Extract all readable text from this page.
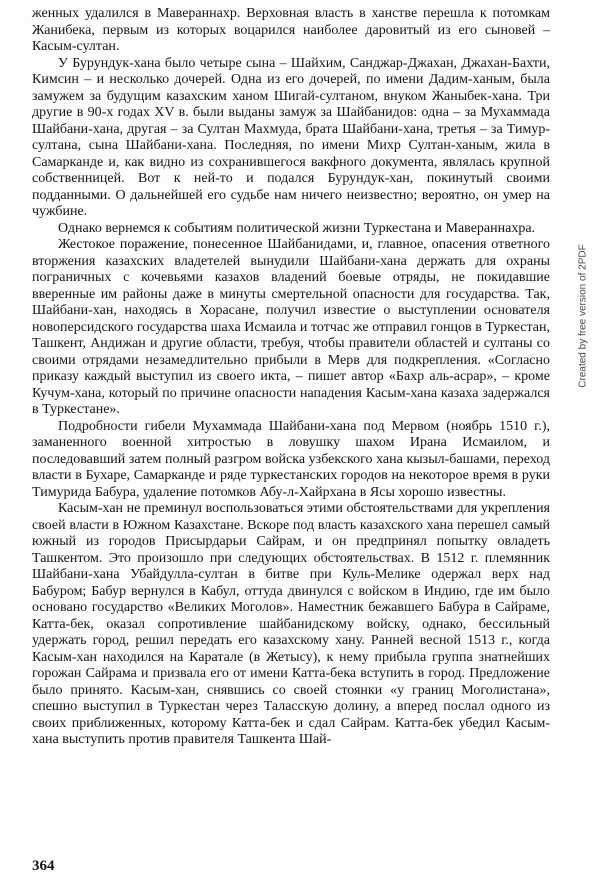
женных удалился в Мавераннахр. Верховная власть в ханстве перешла к потомкам Жанибека, первым из которых воцарился наиболее даровитый из его сыновей – Касым-султан.

У Бурундук-хана было четыре сына – Шайхим, Санджар-Джахан, Джахан-Бахти, Кимсин – и несколько дочерей. Одна из его дочерей, по имени Дадим-ханым, была замужем за будущим казахским ханом Шигай-султаном, внуком Жаныбек-хана. Три другие в 90-х годах XV в. были выданы замуж за Шайбанидов: одна – за Мухаммада Шайбани-хана, другая – за Султан Махмуда, брата Шайбани-хана, третья – за Тимур-султана, сына Шайбани-хана. Последняя, по имени Михр Султан-ханым, жила в Самарканде и, как видно из сохранившегося вакфного документа, являлась крупной собственницей. Вот к ней-то и подался Бурундук-хан, покинутый своими подданными. О дальнейшей его судьбе нам ничего неизвестно; вероятно, он умер на чужбине.

Однако вернемся к событиям политической жизни Туркестана и Мавераннахра.

Жестокое поражение, понесенное Шайбанидами, и, главное, опасения ответного вторжения казахских владетелей вынудили Шайбани-хана держать для охраны пограничных с кочевьями казахов владений боевые отряды, не покидавшие вверенные им районы даже в минуты смертельной опасности для государства. Так, Шайбани-хан, находясь в Хорасане, получил известие о выступлении основателя новоперсидского государства шаха Исмаила и тотчас же отправил гонцов в Туркестан, Ташкент, Андижан и другие области, требуя, чтобы правители областей и султаны со своими отрядами незамедлительно прибыли в Мерв для подкрепления. «Согласно приказу каждый выступил из своего икта, – пишет автор «Бахр аль-асрар», – кроме Кучум-хана, который по причине опасности нападения Касым-хана казаха задержался в Туркестане».

Подробности гибели Мухаммада Шайбани-хана под Мервом (ноябрь 1510 г.), заманенного военной хитростью в ловушку шахом Ирана Исмаилом, и последовавший затем полный разгром войска узбекского хана кызыл-башами, переход власти в Бухаре, Самарканде и ряде туркестанских городов на некоторое время в руки Тимурида Бабура, удаление потомков Абу-л-Хайрхана в Ясы хорошо известны.

Касым-хан не преминул воспользоваться этими обстоятельствами для укрепления своей власти в Южном Казахстане. Вскоре под власть казахского хана перешел самый южный из городов Присырдарьи Сайрам, и он предпринял попытку овладеть Ташкентом. Это произошло при следующих обстоятельствах. В 1512 г. племянник Шайбани-хана Убайдулла-султан в битве при Куль-Мелике одержал верх над Бабуром; Бабур вернулся в Кабул, оттуда двинулся с войском в Индию, где им было основано государство «Великих Моголов». Наместник бежавшего Бабура в Сайраме, Катта-бек, оказал сопротивление шайбанидскому войску, однако, бессильный удержать город, решил передать его казахскому хану. Ранней весной 1513 г., когда Касым-хан находился на Каратале (в Жетысу), к нему прибыла группа знатнейших горожан Сайрама и призвала его от имени Катта-бека вступить в город. Предложение было принято. Касым-хан, снявшись со своей стоянки «у границ Моголистана», спешно выступил в Туркестан через Таласскую долину, а вперед послал одного из своих приближенных, которому Катта-бек и сдал Сайрам. Катта-бек убедил Касым-хана выступить против правителя Ташкента Шай-

364
Created by free version of 2PDF
